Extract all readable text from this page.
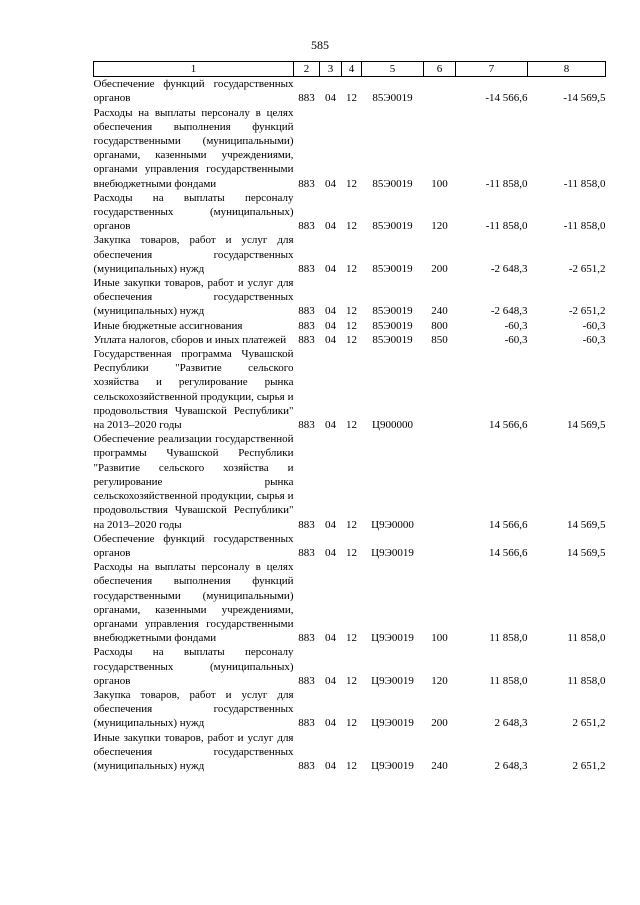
585
1	2	3	4	5	6	7	8
Обеспечение функций государственных органов	883	04	12	85Э0019		-14 566,6	-14 569,5
Расходы на выплаты персоналу в целях обеспечения выполнения функций государственными (муниципальными) органами, казенными учреждениями, органами управления государственными внебюджетными фондами	883	04	12	85Э0019	100	-11 858,0	-11 858,0
Расходы на выплаты персоналу государственных (муниципальных) органов	883	04	12	85Э0019	120	-11 858,0	-11 858,0
Закупка товаров, работ и услуг для обеспечения государственных (муниципальных) нужд	883	04	12	85Э0019	200	-2 648,3	-2 651,2
Иные закупки товаров, работ и услуг для обеспечения государственных (муниципальных) нужд	883	04	12	85Э0019	240	-2 648,3	-2 651,2
Иные бюджетные ассигнования	883	04	12	85Э0019	800	-60,3	-60,3
Уплата налогов, сборов и иных платежей	883	04	12	85Э0019	850	-60,3	-60,3
Государственная программа Чувашской Республики "Развитие сельского хозяйства и регулирование рынка сельскохозяйственной продукции, сырья и продовольствия Чувашской Республики" на 2013–2020 годы	883	04	12	Ц900000		14 566,6	14 569,5
Обеспечение реализации государственной программы Чувашской Республики "Развитие сельского хозяйства и регулирование рынка сельскохозяйственной продукции, сырья и продовольствия Чувашской Республики" на 2013–2020 годы	883	04	12	Ц9Э0000		14 566,6	14 569,5
Обеспечение функций государственных органов	883	04	12	Ц9Э0019		14 566,6	14 569,5
Расходы на выплаты персоналу в целях обеспечения выполнения функций государственными (муниципальными) органами, казенными учреждениями, органами управления государственными внебюджетными фондами	883	04	12	Ц9Э0019	100	11 858,0	11 858,0
Расходы на выплаты персоналу государственных (муниципальных) органов	883	04	12	Ц9Э0019	120	11 858,0	11 858,0
Закупка товаров, работ и услуг для обеспечения государственных (муниципальных) нужд	883	04	12	Ц9Э0019	200	2 648,3	2 651,2
Иные закупки товаров, работ и услуг для обеспечения государственных (муниципальных) нужд	883	04	12	Ц9Э0019	240	2 648,3	2 651,2
